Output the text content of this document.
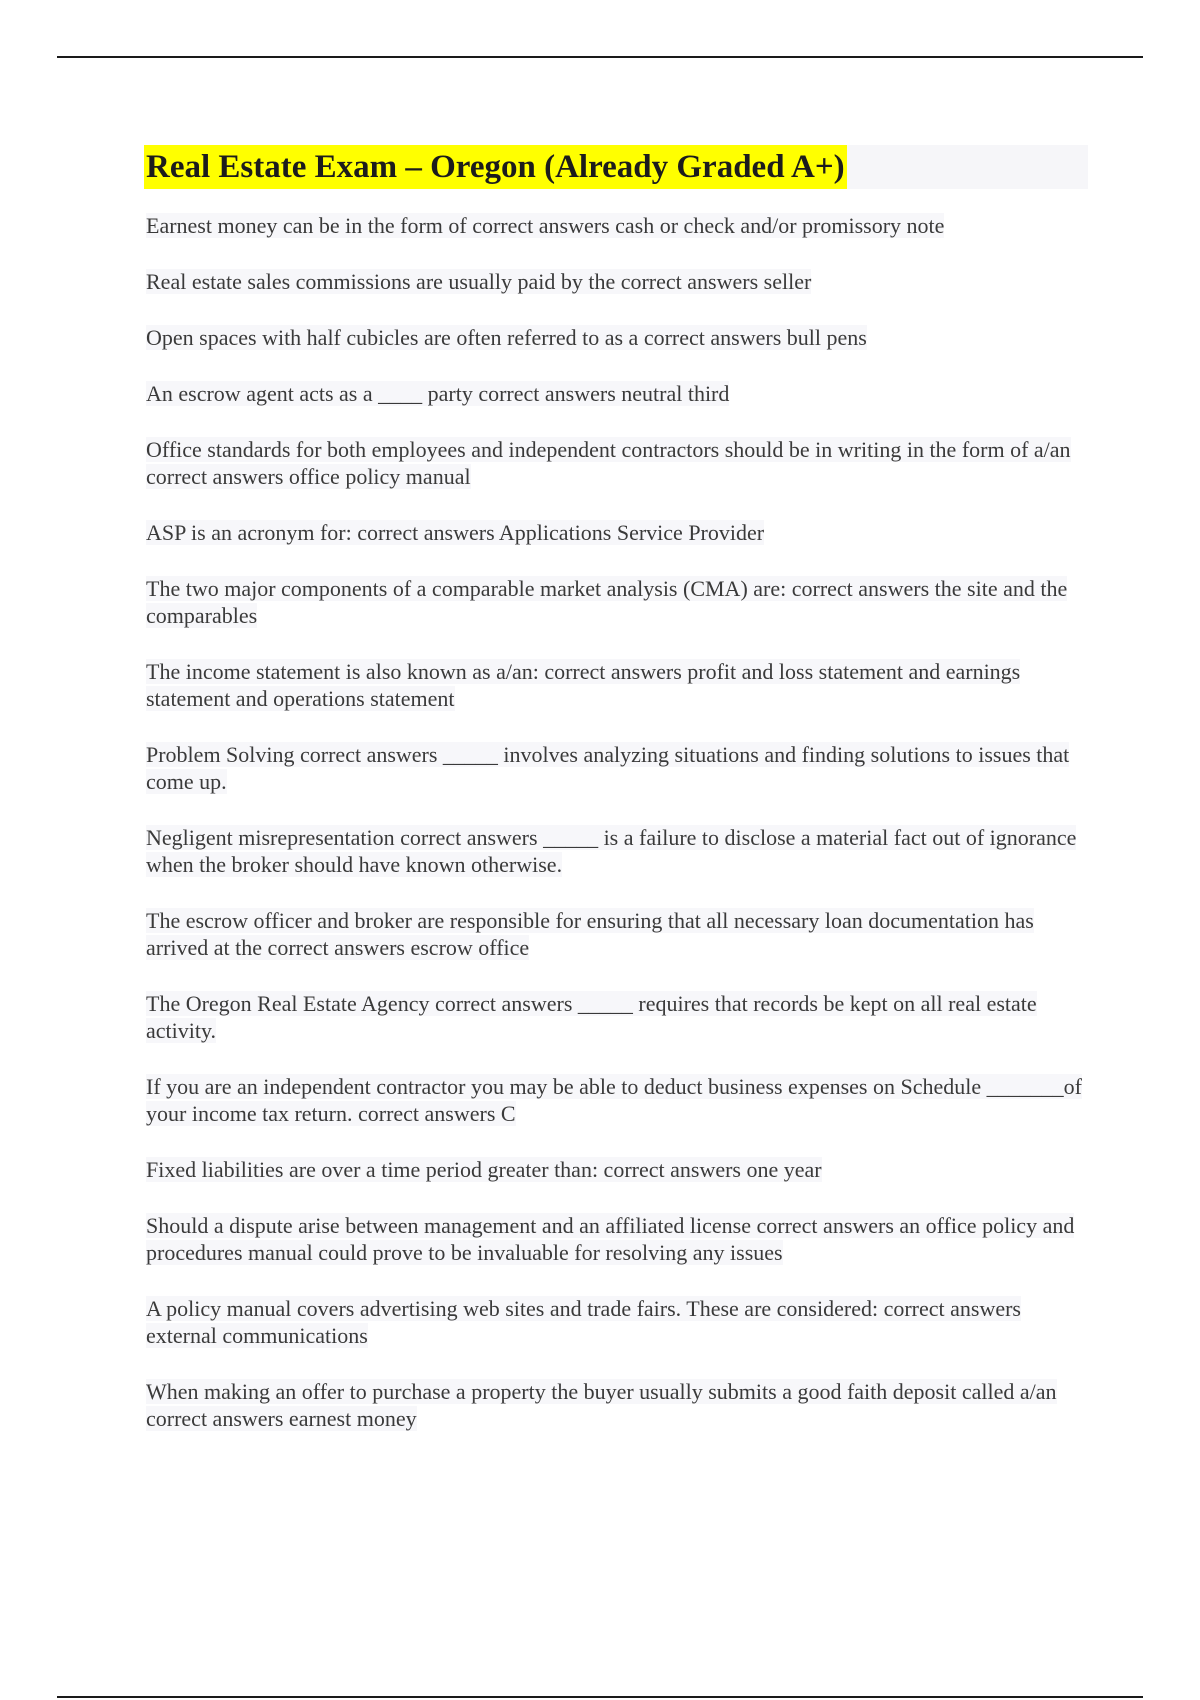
Real Estate Exam – Oregon (Already Graded A+)
Earnest money can be in the form of correct answers cash or check and/or promissory note
Real estate sales commissions are usually paid by the correct answers seller
Open spaces with half cubicles are often referred to as a correct answers bull pens
An escrow agent acts as a ____ party correct answers neutral third
Office standards for both employees and independent contractors should be in writing in the form of a/an correct answers office policy manual
ASP is an acronym for: correct answers Applications Service Provider
The two major components of a comparable market analysis (CMA) are: correct answers the site and the comparables
The income statement is also known as a/an: correct answers profit and loss statement and earnings statement and operations statement
Problem Solving correct answers _____ involves analyzing situations and finding solutions to issues that come up.
Negligent misrepresentation correct answers _____ is a failure to disclose a material fact out of ignorance when the broker should have known otherwise.
The escrow officer and broker are responsible for ensuring that all necessary loan documentation has arrived at the correct answers escrow office
The Oregon Real Estate Agency correct answers _____ requires that records be kept on all real estate activity.
If you are an independent contractor you may be able to deduct business expenses on Schedule _______of your income tax return. correct answers C
Fixed liabilities are over a time period greater than: correct answers one year
Should a dispute arise between management and an affiliated license correct answers an office policy and procedures manual could prove to be invaluable for resolving any issues
A policy manual covers advertising web sites and trade fairs. These are considered: correct answers external communications
When making an offer to purchase a property the buyer usually submits a good faith deposit called a/an correct answers earnest money
